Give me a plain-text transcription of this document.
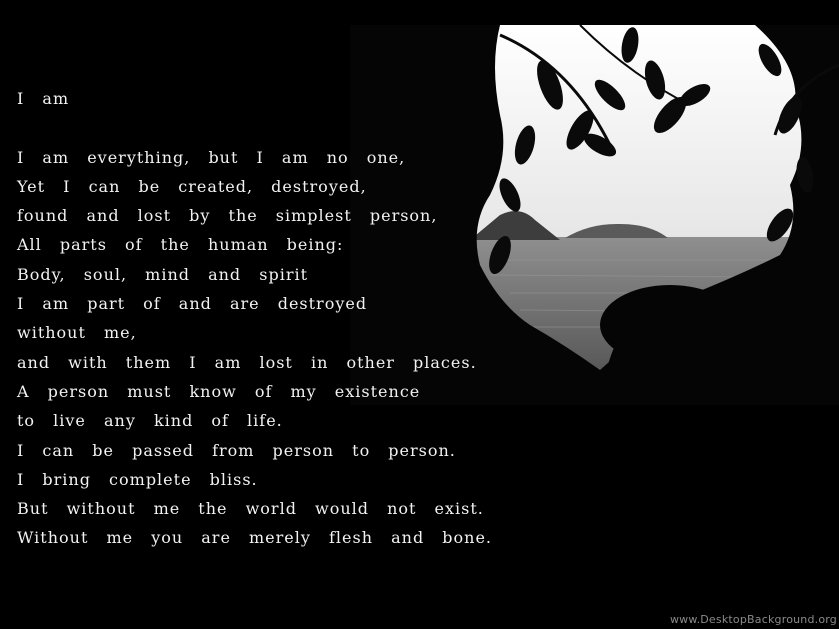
I am
I am everything, but I am no one,
Yet I can be created, destroyed,
found and lost by the simplest person,
All parts of the human being:
Body, soul, mind and spirit
I am part of and are destroyed
without me,
and with them I am lost in other places.
A person must know of my existence
to live any kind of life.
I can be passed from person to person.
I bring complete bliss.
But without me the world would not exist.
Without me you are merely flesh and bone.
www.DesktopBackground.org
